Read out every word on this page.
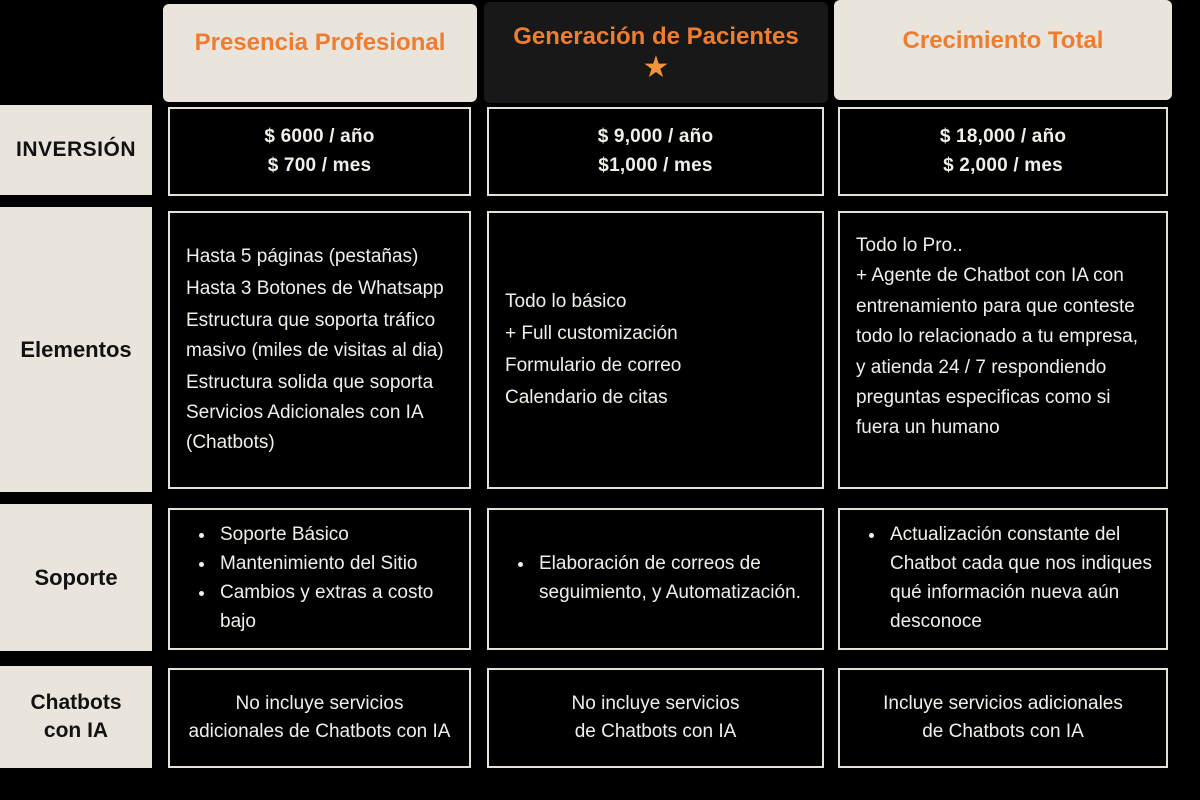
Presencia Profesional	Generación de Pacientes
★
Crecimiento Total
INVERSIÓN
Elementos
Soporte
Chatbots
con IA
$ 6000 / año
$ 700 / mes
$ 9,000 / año
$1,000 / mes
$ 18,000 / año
$ 2,000 / mes

Hasta 5 páginas (pestañas)

Hasta 3 Botones de Whatsapp

Estructura que soporta tráfico masivo (miles de visitas al dia)

Estructura solida que soporta Servicios Adicionales con IA (Chatbots)

Todo lo básico

+ Full customización

Formulario de correo

Calendario de citas

Todo lo Pro..

+ Agente de Chatbot con IA con entrenamiento para que conteste todo lo relacionado a tu empresa, y atienda 24 / 7 respondiendo preguntas especificas como si fuera un humano

• Soporte Básico
• Mantenimiento del Sitio
• Cambios y extras a costo bajo
• Elaboración de correos de seguimiento, y Automatización.
• Actualización constante del Chatbot cada que nos indiques qué información nueva aún desconoce
No incluye servicios
adicionales de Chatbots con IA
No incluye servicios
de Chatbots con IA
Incluye servicios adicionales
de Chatbots con IA
